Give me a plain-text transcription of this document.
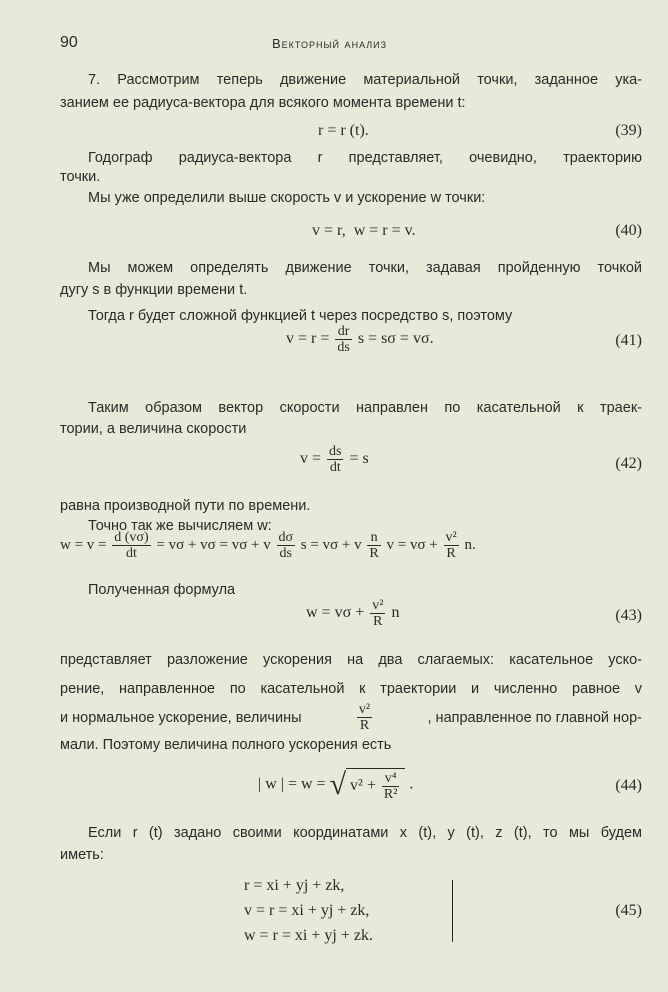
90	Векторный анализ
7. Рассмотрим теперь движение материальной точки, заданное ука-
занием ее радиуса-вектора для всякого момента времени t:
r = r (t).	(39)
Годограф радиуса-вектора r представляет, очевидно, траекторию
точки.
Мы уже определили выше скорость v и ускорение w точки:
v = r, w = r = v.	(40)
Мы можем определять движение точки, задавая пройденную точкой
дугу s в функции времени t.
Тогда r будет сложной функцией t через посредство s, поэтому
$v = r = \frac{dr}{ds}$ s = sσ = vσ.	(41)
Таким образом вектор скорости направлен по касательной к траек-
тории, а величина скорости
$v = \frac{ds}{dt} = s$	(42)
равна производной пути по времени.
Точно так же вычисляем w:
$w = v = \frac{d (v\sigma)}{dt} = v\sigma + v\sigma = v\sigma + v \frac{d\sigma}{ds}$ s = vσ + v $\frac{n}{R}$ $v = v\sigma + \frac{\text{v²}}{R} n$.
Полученная формула
$w = v\sigma + \frac{\text{v²}}{R}$ n	(43)
представляет разложение ускорения на два слагаемых: касательное уско-
рение, направленное по касательной к траектории и численно равное v
и нормальное ускорение, величины	$\frac{\text{v²}}{R}$	, направленное по главной нор-
мали. Поэтому величина полного ускорения есть
| w | = w = √ $v^2 + \frac{\text{v⁴}}{\text{R²}}$ .	(44)
Если r (t) задано своими координатами x (t), y (t), z (t), то мы будем
иметь:
r = xi + yj + zk,
v = r = xi + yj + zk,
w = r = xi + yj + zk.
(45)
